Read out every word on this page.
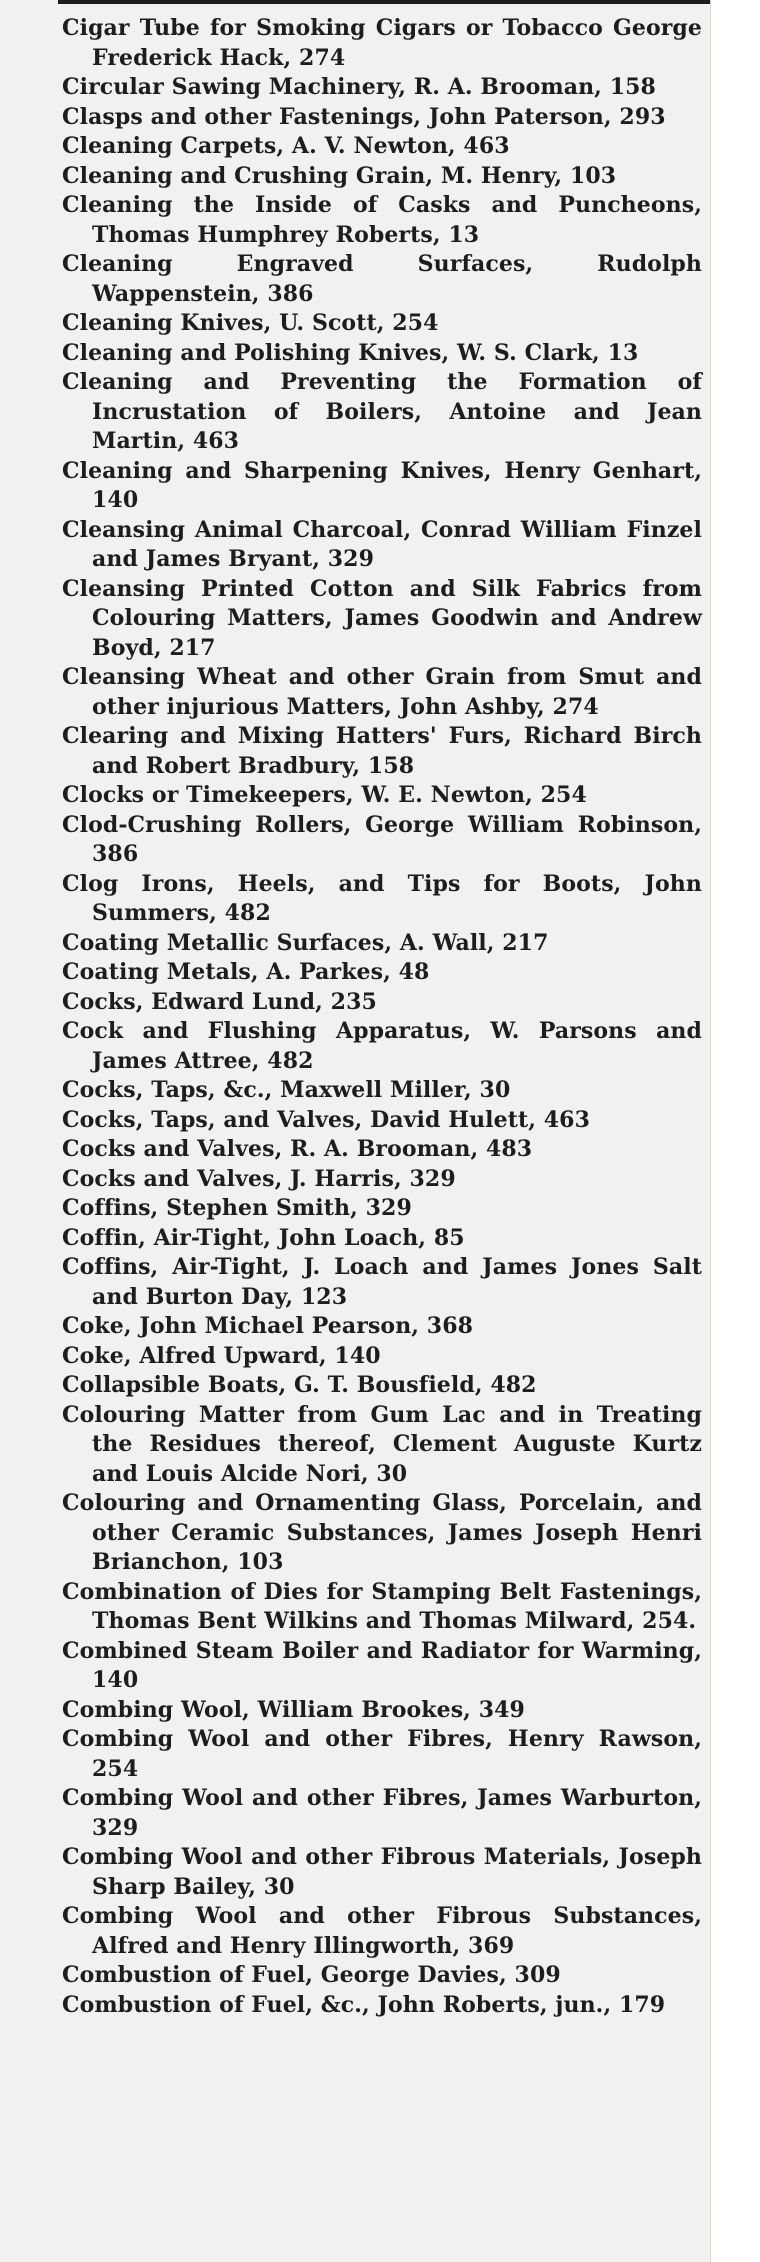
Cigar Tube for Smoking Cigars or Tobacco George Frederick Hack, 274

Circular Sawing Machinery, R. A. Brooman, 158

Clasps and other Fastenings, John Paterson, 293

Cleaning Carpets, A. V. Newton, 463

Cleaning and Crushing Grain, M. Henry, 103

Cleaning the Inside of Casks and Puncheons, Thomas Humphrey Roberts, 13

Cleaning Engraved Surfaces, Rudolph Wappenstein, 386

Cleaning Knives, U. Scott, 254

Cleaning and Polishing Knives, W. S. Clark, 13

Cleaning and Preventing the Formation of Incrustation of Boilers, Antoine and Jean Martin, 463

Cleaning and Sharpening Knives, Henry Genhart, 140

Cleansing Animal Charcoal, Conrad William Finzel and James Bryant, 329

Cleansing Printed Cotton and Silk Fabrics from Colouring Matters, James Goodwin and Andrew Boyd, 217

Cleansing Wheat and other Grain from Smut and other injurious Matters, John Ashby, 274

Clearing and Mixing Hatters' Furs, Richard Birch and Robert Bradbury, 158

Clocks or Timekeepers, W. E. Newton, 254

Clod-Crushing Rollers, George William Robinson, 386

Clog Irons, Heels, and Tips for Boots, John Summers, 482

Coating Metallic Surfaces, A. Wall, 217

Coating Metals, A. Parkes, 48

Cocks, Edward Lund, 235

Cock and Flushing Apparatus, W. Parsons and James Attree, 482

Cocks, Taps, &c., Maxwell Miller, 30

Cocks, Taps, and Valves, David Hulett, 463

Cocks and Valves, R. A. Brooman, 483

Cocks and Valves, J. Harris, 329

Coffins, Stephen Smith, 329

Coffin, Air-Tight, John Loach, 85

Coffins, Air-Tight, J. Loach and James Jones Salt and Burton Day, 123

Coke, John Michael Pearson, 368

Coke, Alfred Upward, 140

Collapsible Boats, G. T. Bousfield, 482

Colouring Matter from Gum Lac and in Treating the Residues thereof, Clement Auguste Kurtz and Louis Alcide Nori, 30

Colouring and Ornamenting Glass, Porcelain, and other Ceramic Substances, James Joseph Henri Brianchon, 103

Combination of Dies for Stamping Belt Fastenings, Thomas Bent Wilkins and Thomas Milward, 254.

Combined Steam Boiler and Radiator for Warming, 140

Combing Wool, William Brookes, 349

Combing Wool and other Fibres, Henry Rawson, 254

Combing Wool and other Fibres, James Warburton, 329

Combing Wool and other Fibrous Materials, Joseph Sharp Bailey, 30

Combing Wool and other Fibrous Substances, Alfred and Henry Illingworth, 369

Combustion of Fuel, George Davies, 309

Combustion of Fuel, &c., John Roberts, jun., 179
